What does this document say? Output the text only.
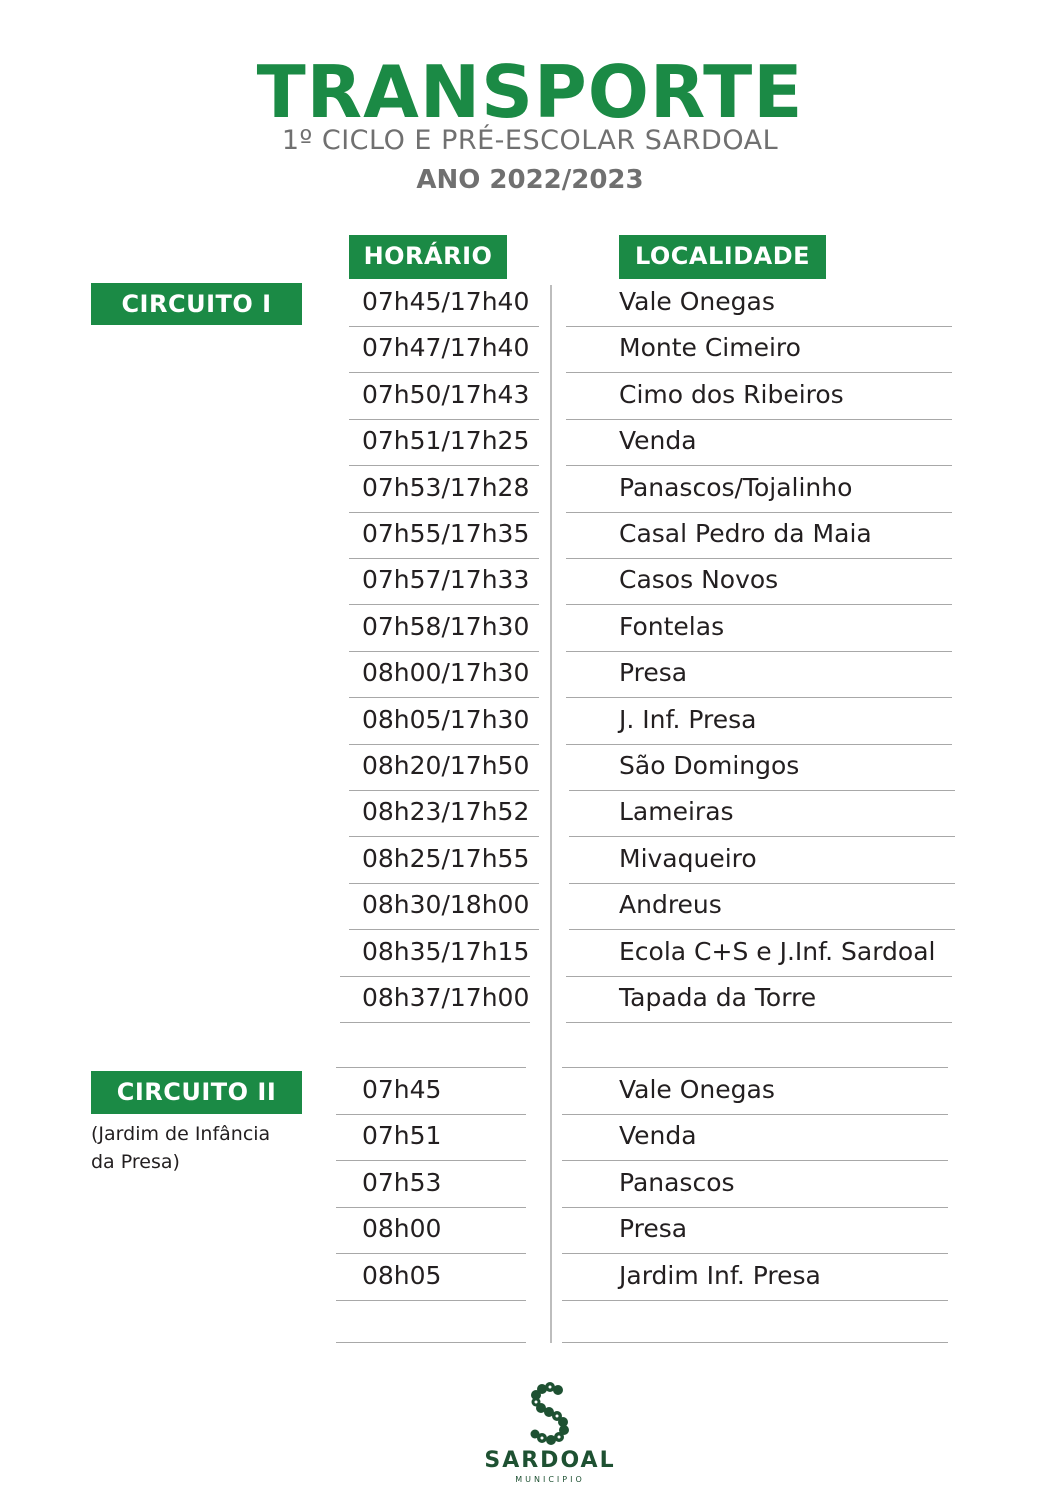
TRANSPORTE
1º CICLO E PRÉ-ESCOLAR SARDOAL
ANO 2022/2023
HORÁRIO	LOCALIDADE
CIRCUITO I
CIRCUITO II
(Jardim de Infância
da Presa)
07h45/17h40	Vale Onegas
07h47/17h40	Monte Cimeiro
07h50/17h43	Cimo dos Ribeiros
07h51/17h25	Venda
07h53/17h28	Panascos/Tojalinho
07h55/17h35	Casal Pedro da Maia
07h57/17h33	Casos Novos
07h58/17h30	Fontelas
08h00/17h30	Presa
08h05/17h30	J. Inf. Presa
08h20/17h50	São Domingos
08h23/17h52	Lameiras
08h25/17h55	Mivaqueiro
08h30/18h00	Andreus
08h35/17h15	Ecola C+S e J.Inf. Sardoal
08h37/17h00	Tapada da Torre
07h45	Vale Onegas
07h51	Venda
07h53	Panascos
08h00	Presa
08h05	Jardim Inf. Presa
SARDOAL
MUNICIPIO
